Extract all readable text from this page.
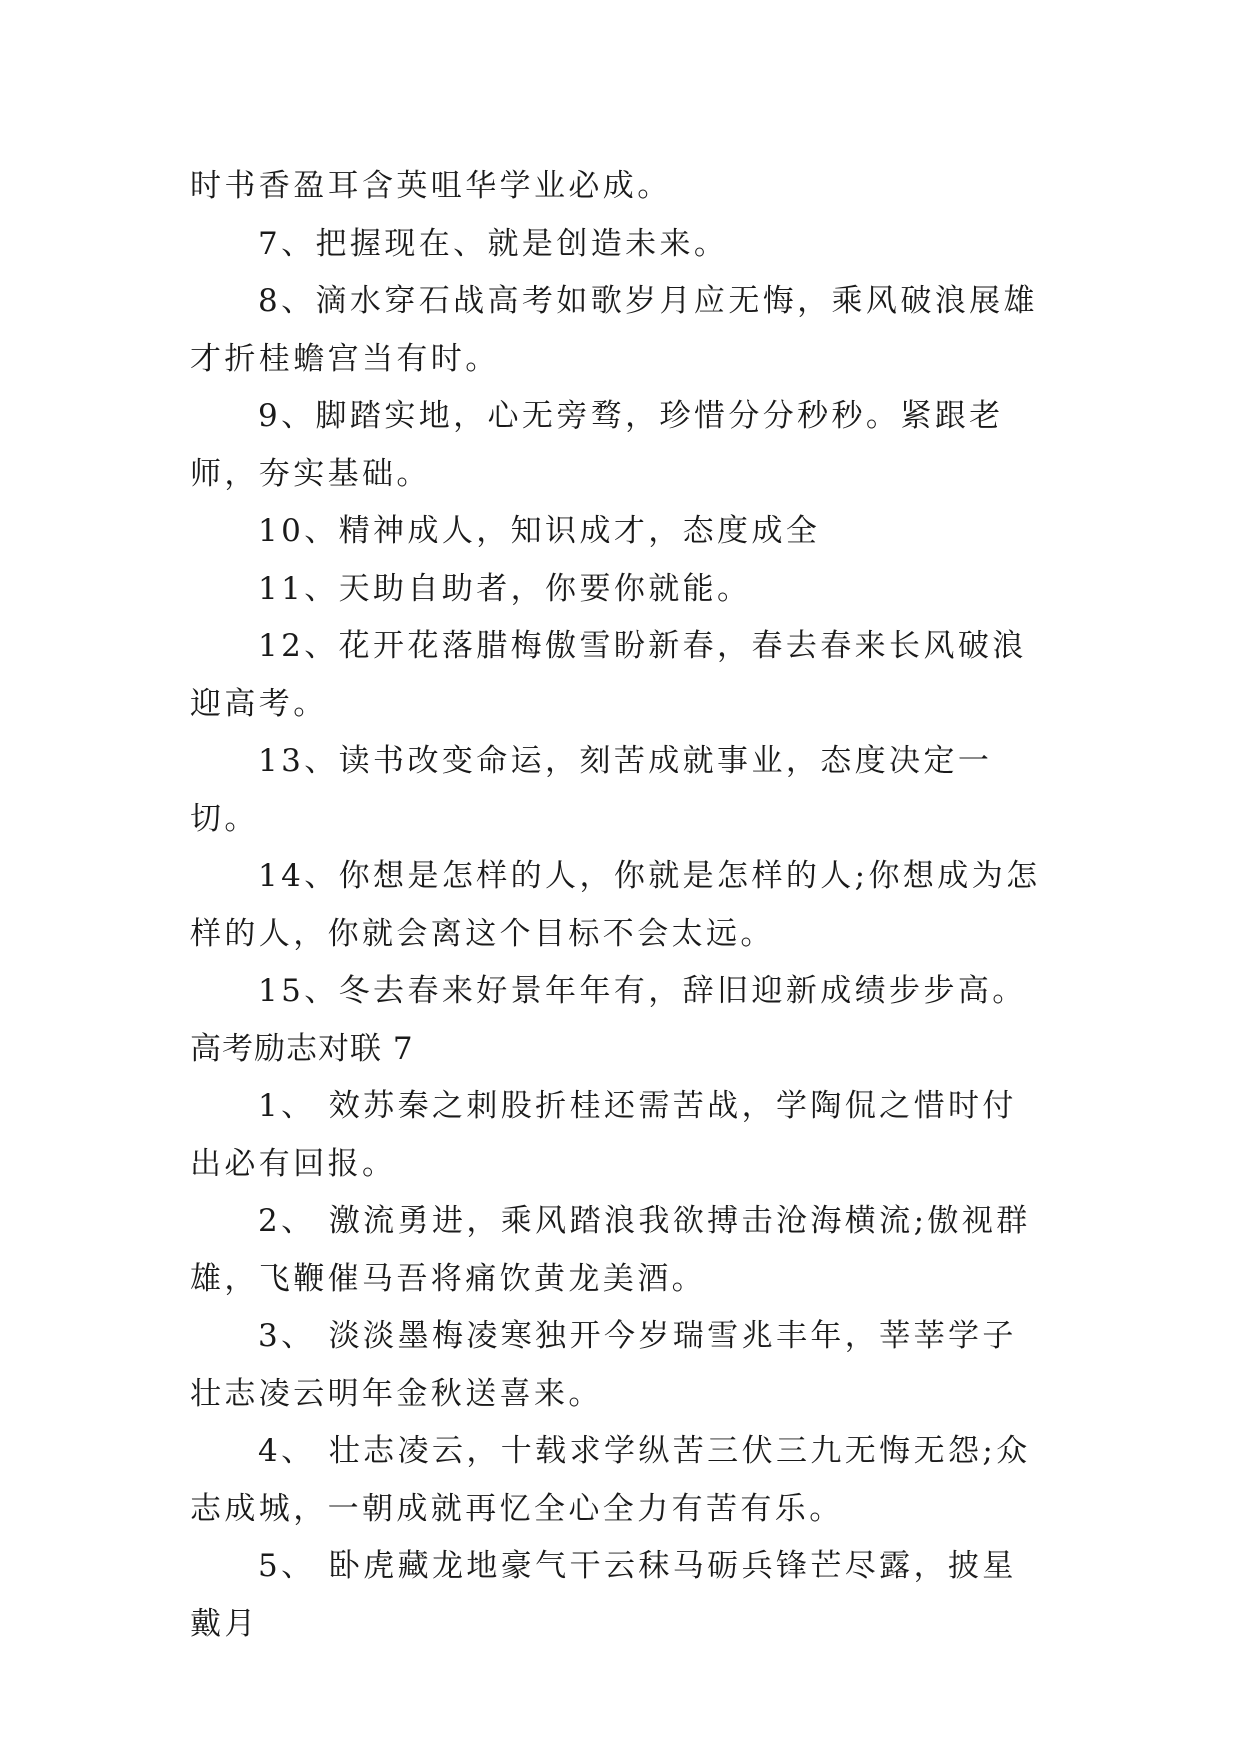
时书香盈耳含英咀华学业必成。

7、把握现在、就是创造未来。

8、滴水穿石战高考如歌岁月应无悔，乘风破浪展雄才折桂蟾宫当有时。

9、脚踏实地，心无旁骛，珍惜分分秒秒。紧跟老师，夯实基础。

10、精神成人，知识成才，态度成全

11、天助自助者，你要你就能。

12、花开花落腊梅傲雪盼新春，春去春来长风破浪迎高考。

13、读书改变命运，刻苦成就事业，态度决定一切。

14、你想是怎样的人，你就是怎样的人;你想成为怎样的人，你就会离这个目标不会太远。

15、冬去春来好景年年有，辞旧迎新成绩步步高。

高考励志对联 7

1、 效苏秦之刺股折桂还需苦战，学陶侃之惜时付出必有回报。

2、 激流勇进，乘风踏浪我欲搏击沧海横流;傲视群雄，飞鞭催马吾将痛饮黄龙美酒。

3、 淡淡墨梅凌寒独开今岁瑞雪兆丰年，莘莘学子壮志凌云明年金秋送喜来。

4、 壮志凌云，十载求学纵苦三伏三九无悔无怨;众志成城，一朝成就再忆全心全力有苦有乐。

5、 卧虎藏龙地豪气干云秣马砺兵锋芒尽露，披星戴月
